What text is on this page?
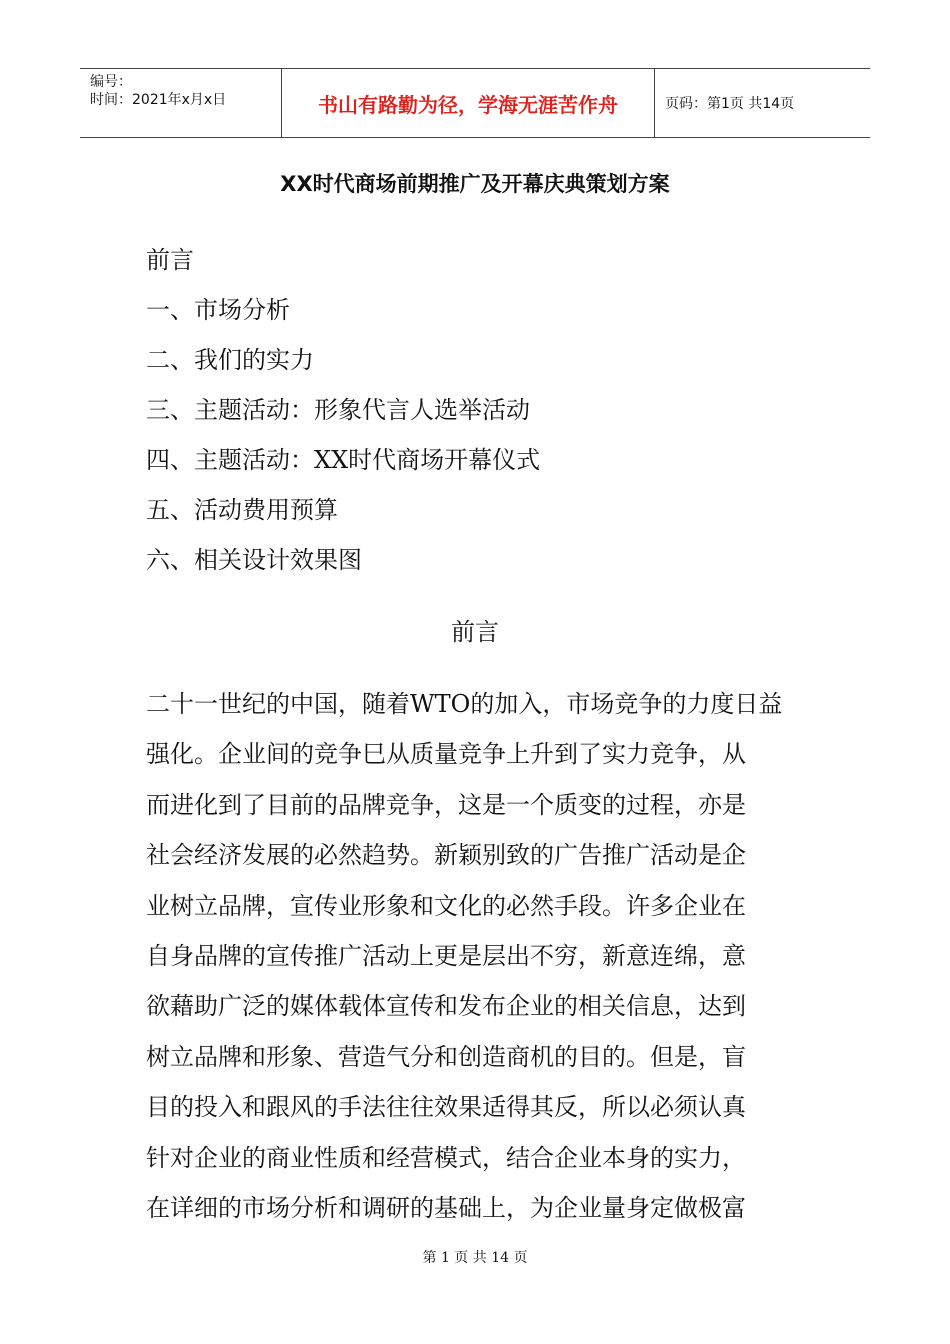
编号：
时间：2021年x月x日	书山有路勤为径，学海无涯苦作舟	页码：第1页 共14页
XX时代商场前期推广及开幕庆典策划方案
前言
一、市场分析
二、我们的实力
三、主题活动：形象代言人选举活动
四、主题活动：XX时代商场开幕仪式
五、活动费用预算
六、相关设计效果图
前言
二十一世纪的中国，随着WTO的加入，市场竞争的力度日益
强化。企业间的竞争巳从质量竞争上升到了实力竞争，从
而进化到了目前的品牌竞争，这是一个质变的过程，亦是
社会经济发展的必然趋势。新颖别致的广告推广活动是企
业树立品牌，宣传业形象和文化的必然手段。许多企业在
自身品牌的宣传推广活动上更是层出不穷，新意连绵，意
欲藉助广泛的媒体载体宣传和发布企业的相关信息，达到
树立品牌和形象、营造气分和创造商机的目的。但是，盲
目的投入和跟风的手法往往效果适得其反，所以必须认真
针对企业的商业性质和经营模式，结合企业本身的实力，
在详细的市场分析和调研的基础上，为企业量身定做极富
第 1 页 共 14 页
